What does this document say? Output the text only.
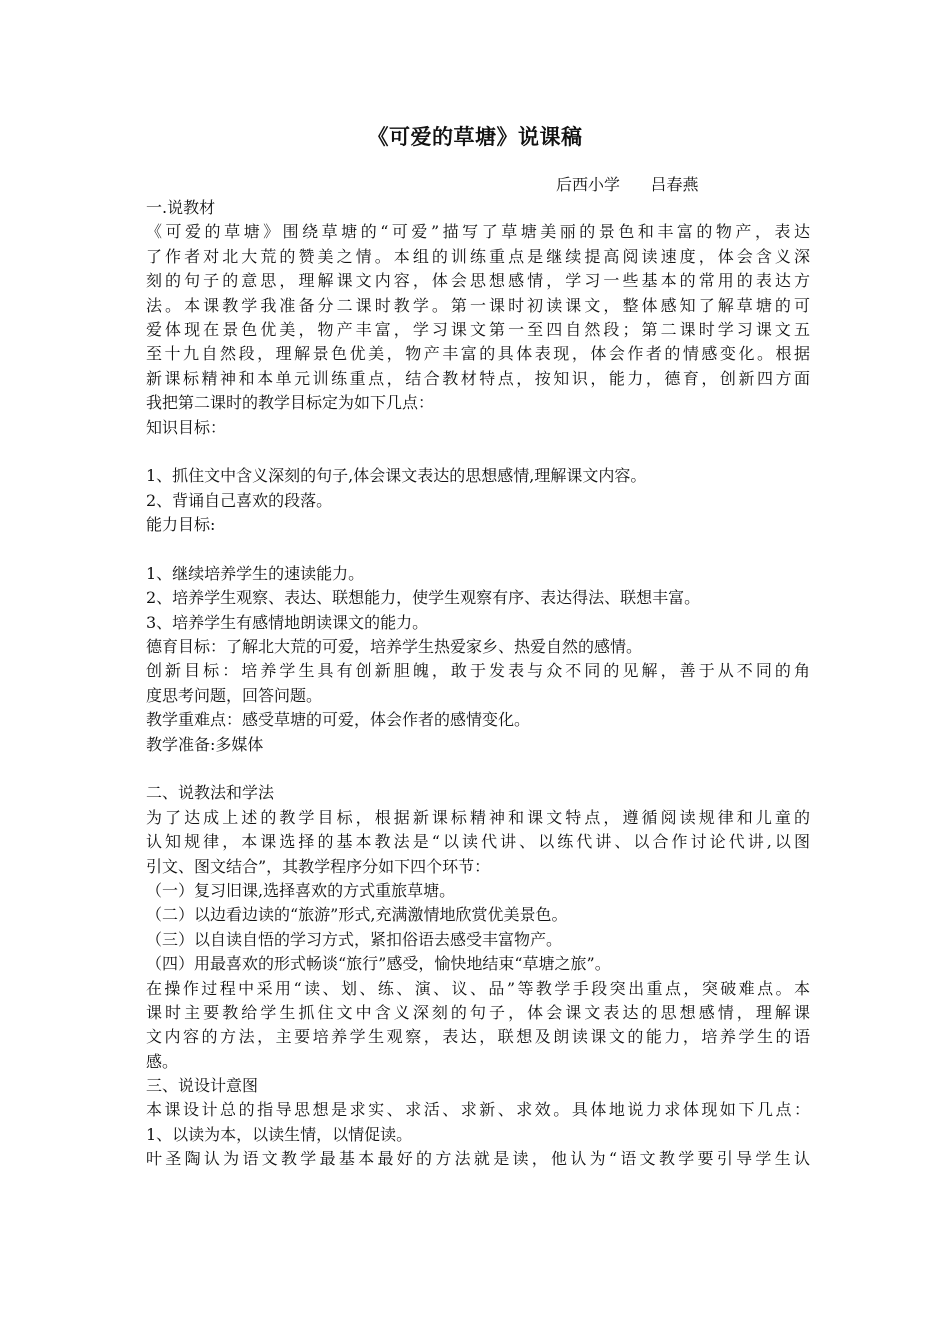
《可爱的草塘》说课稿
后西小学      吕春燕
一.说教材
《可爱的草塘》围绕草塘的“可爱”描写了草塘美丽的景色和丰富的物产，表达
了作者对北大荒的赞美之情。本组的训练重点是继续提高阅读速度，体会含义深
刻的句子的意思，理解课文内容，体会思想感情，学习一些基本的常用的表达方
法。本课教学我准备分二课时教学。第一课时初读课文，整体感知了解草塘的可
爱体现在景色优美，物产丰富，学习课文第一至四自然段；第二课时学习课文五
至十九自然段，理解景色优美，物产丰富的具体表现，体会作者的情感变化。根据
新课标精神和本单元训练重点，结合教材特点，按知识，能力，德育，创新四方面
我把第二课时的教学目标定为如下几点：
知识目标：
1、抓住文中含义深刻的句子,体会课文表达的思想感情,理解课文内容。
2、背诵自己喜欢的段落。
能力目标:
1、继续培养学生的速读能力。
2、培养学生观察、表达、联想能力，使学生观察有序、表达得法、联想丰富。
3、培养学生有感情地朗读课文的能力。
德育目标：了解北大荒的可爱，培养学生热爱家乡、热爱自然的感情。
创新目标：培养学生具有创新胆魄，敢于发表与众不同的见解，善于从不同的角
度思考问题，回答问题。
教学重难点：感受草塘的可爱，体会作者的感情变化。
教学准备:多媒体
二、说教法和学法
为了达成上述的教学目标，根据新课标精神和课文特点，遵循阅读规律和儿童的
认知规律，本课选择的基本教法是“以读代讲、以练代讲、以合作讨论代讲,以图
引文、图文结合”，其教学程序分如下四个环节：
（一）复习旧课,选择喜欢的方式重旅草塘。
（二）以边看边读的“旅游”形式,充满激情地欣赏优美景色。
（三）以自读自悟的学习方式，紧扣俗语去感受丰富物产。
（四）用最喜欢的形式畅谈“旅行”感受，愉快地结束“草塘之旅”。
在操作过程中采用“读、划、练、演、议、品”等教学手段突出重点，突破难点。本
课时主要教给学生抓住文中含义深刻的句子，体会课文表达的思想感情，理解课
文内容的方法，主要培养学生观察，表达，联想及朗读课文的能力，培养学生的语
感。
三、说设计意图
本课设计总的指导思想是求实、求活、求新、求效。具体地说力求体现如下几点：
1、以读为本，以读生情，以情促读。
叶圣陶认为语文教学最基本最好的方法就是读，他认为“语文教学要引导学生认
